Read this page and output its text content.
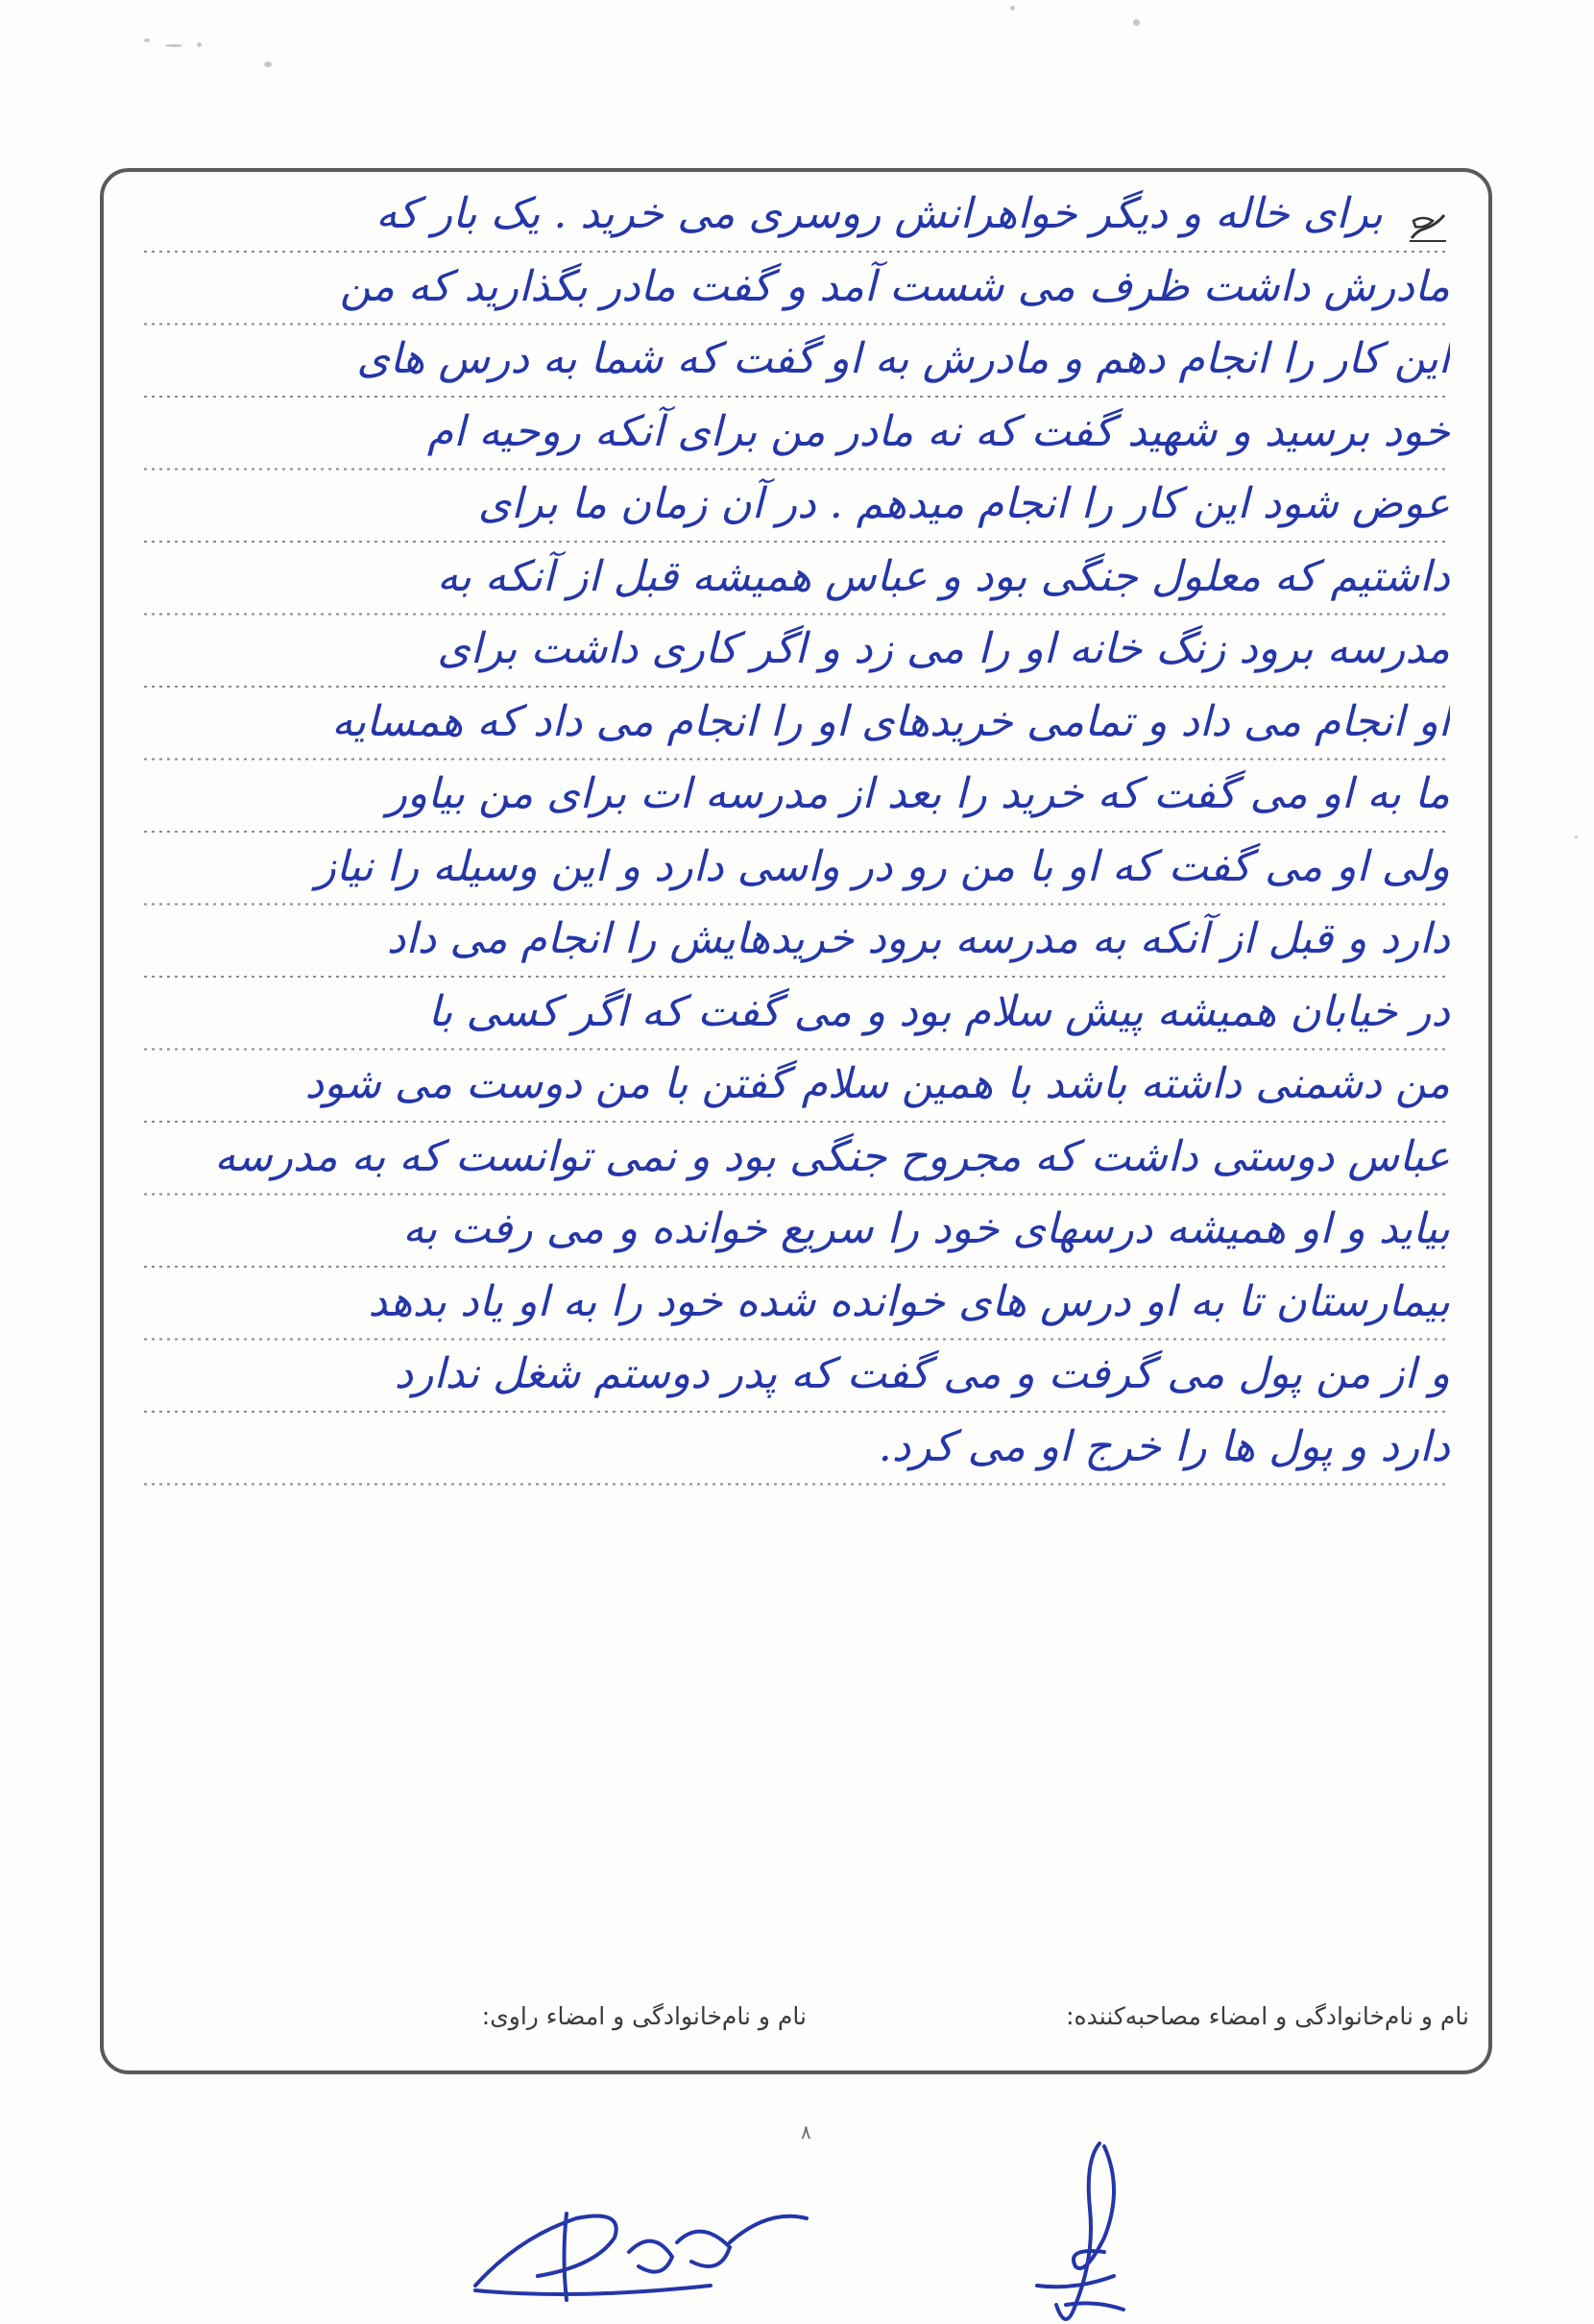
برای خاله و دیگر خواهرانش روسری می خرید . یک بار که
مادرش داشت ظرف می شست آمد و گفت مادر بگذارید که من
این کار را انجام دهم و مادرش به او گفت که شما به درس های
خود برسید و شهید گفت که نه مادر من برای آنکه روحیه ام
عوض شود این کار را انجام میدهم . در آن زمان ما برای
داشتیم که معلول جنگی بود و عباس همیشه قبل از آنکه به
مدرسه برود زنگ خانه او را می زد و اگر کاری داشت برای
او انجام می داد و تمامی خریدهای او را انجام می داد که همسایه
ما به او می گفت که خرید را بعد از مدرسه ات برای من بیاور
ولی او می گفت که او با من رو در واسی دارد و این وسیله را نیاز
دارد و قبل از آنکه به مدرسه برود خریدهایش را انجام می داد
در خیابان همیشه پیش سلام بود و می گفت که اگر کسی با
من دشمنی داشته باشد با همین سلام گفتن با من دوست می شود
عباس دوستی داشت که مجروح جنگی بود و نمی توانست که به مدرسه
بیاید و او همیشه درسهای خود را سریع خوانده و می رفت به
بیمارستان تا به او درس های خوانده شده خود را به او یاد بدهد
و از من پول می گرفت و می گفت که پدر دوستم شغل ندارد
دارد و پول ها را خرج او می کرد.
نام و نام‌خانوادگی و امضاء مصاحبه‌کننده:
نام و نام‌خانوادگی و امضاء راوی:
۸
